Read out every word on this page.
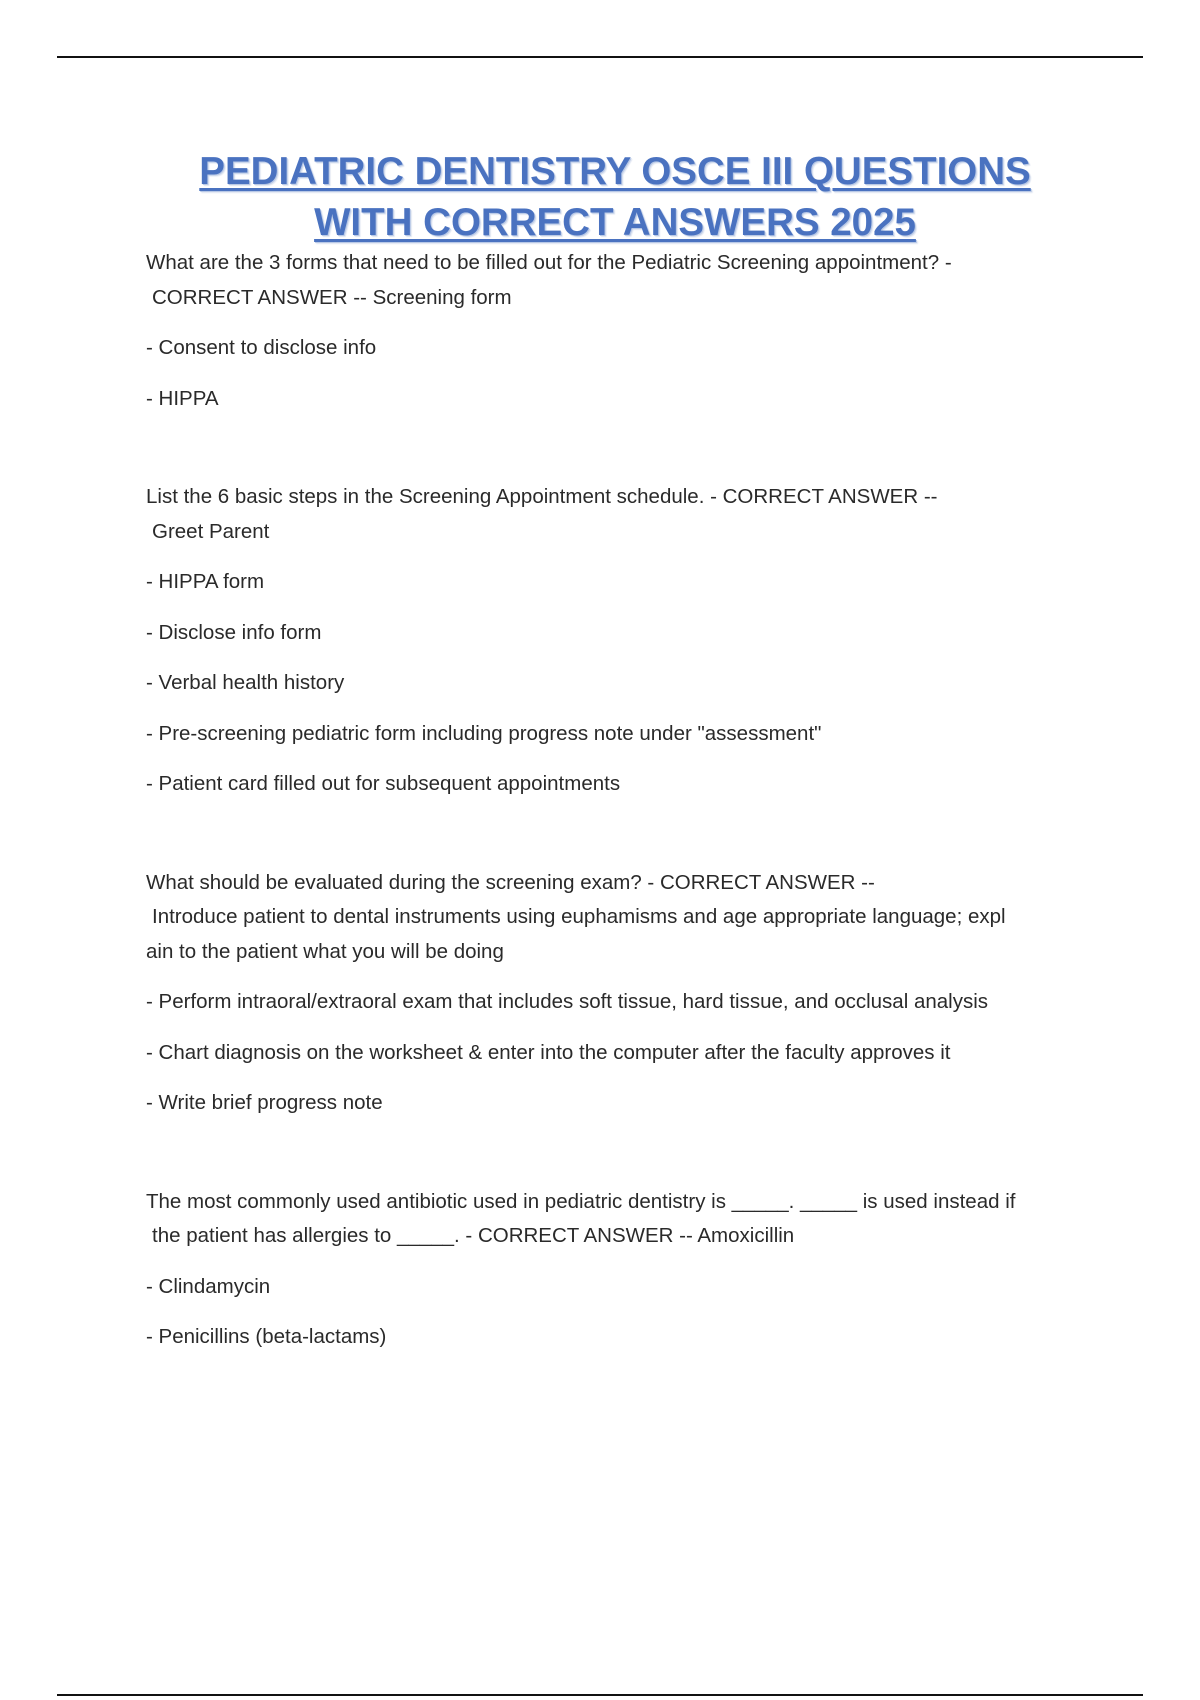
PEDIATRIC DENTISTRY OSCE III QUESTIONS
WITH CORRECT ANSWERS 2025

What are the 3 forms that need to be filled out for the Pediatric Screening appointment? -
CORRECT ANSWER -- Screening form

- Consent to disclose info

- HIPPA

List the 6 basic steps in the Screening Appointment schedule. - CORRECT ANSWER --
Greet Parent

- HIPPA form

- Disclose info form

- Verbal health history

- Pre-screening pediatric form including progress note under "assessment"

- Patient card filled out for subsequent appointments

What should be evaluated during the screening exam? - CORRECT ANSWER --
Introduce patient to dental instruments using euphamisms and age appropriate language; expl
ain to the patient what you will be doing

- Perform intraoral/extraoral exam that includes soft tissue, hard tissue, and occlusal analysis

- Chart diagnosis on the worksheet & enter into the computer after the faculty approves it

- Write brief progress note

The most commonly used antibiotic used in pediatric dentistry is _____. _____ is used instead if
the patient has allergies to _____. - CORRECT ANSWER -- Amoxicillin

- Clindamycin

- Penicillins (beta-lactams)
